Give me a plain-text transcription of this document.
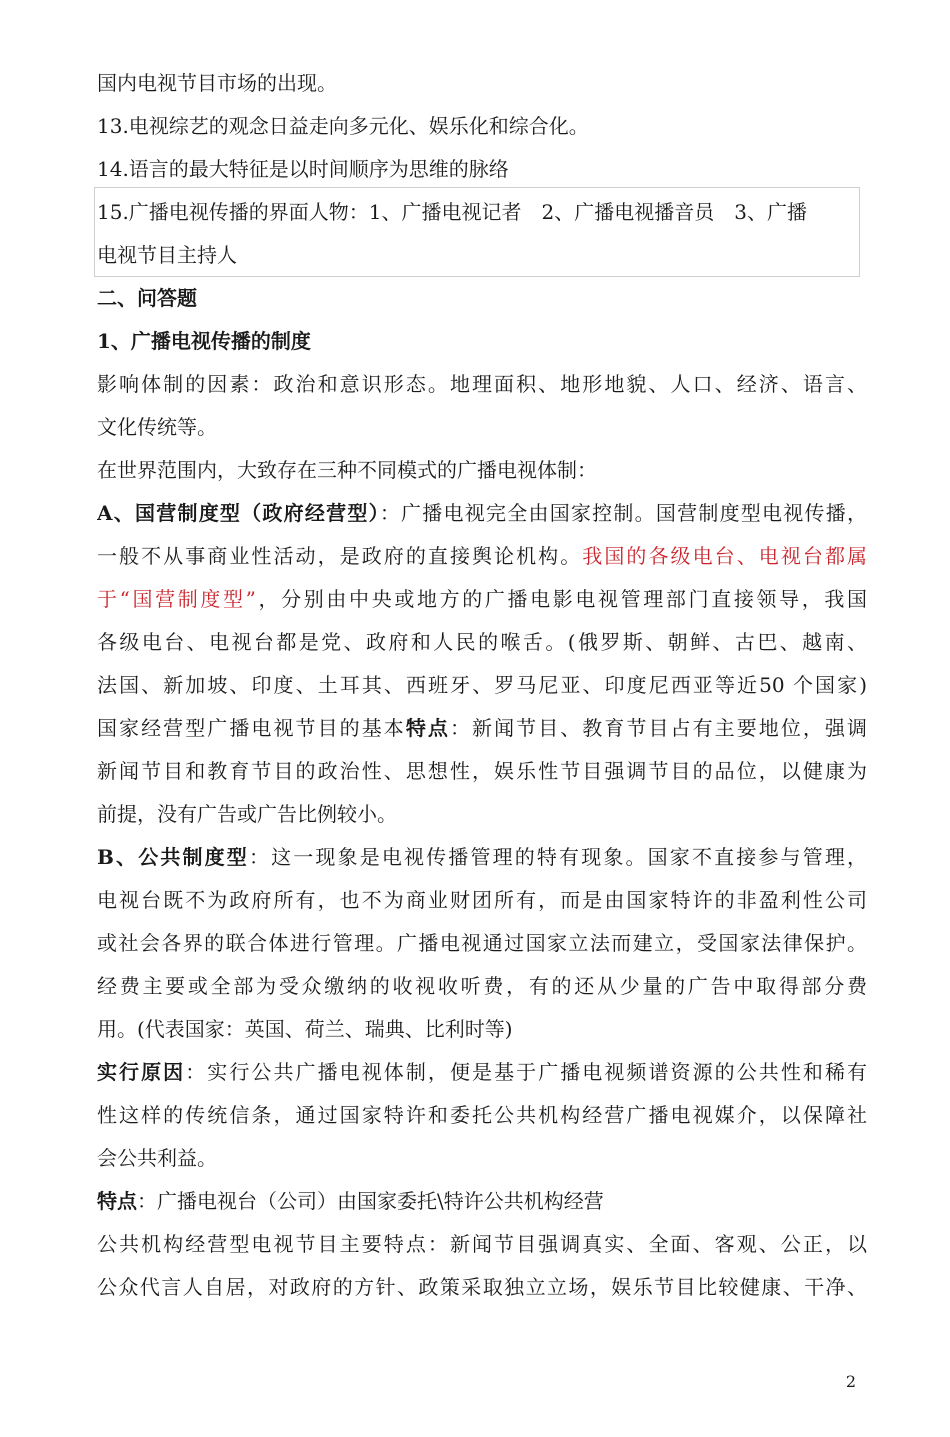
国内电视节目市场的出现。
13.电视综艺的观念日益走向多元化、娱乐化和综合化。
14.语言的最大特征是以时间顺序为思维的脉络
15.广播电视传播的界面人物：1、广播电视记者　2、广播电视播音员　3、广播
电视节目主持人
二、问答题
1、广播电视传播的制度
影响体制的因素：政治和意识形态。地理面积、地形地貌、人口、经济、语言、
文化传统等。
在世界范围内，大致存在三种不同模式的广播电视体制：
A、国营制度型（政府经营型）：广播电视完全由国家控制。国营制度型电视传播，
一般不从事商业性活动，是政府的直接舆论机构。我国的各级电台、电视台都属
于“国营制度型”，分别由中央或地方的广播电影电视管理部门直接领导，我国
各级电台、电视台都是党、政府和人民的喉舌。(俄罗斯、朝鲜、古巴、越南、
法国、新加坡、印度、土耳其、西班牙、罗马尼亚、印度尼西亚等近50 个国家)
国家经营型广播电视节目的基本特点：新闻节目、教育节目占有主要地位，强调
新闻节目和教育节目的政治性、思想性，娱乐性节目强调节目的品位，以健康为
前提，没有广告或广告比例较小。
B、公共制度型：这一现象是电视传播管理的特有现象。国家不直接参与管理，
电视台既不为政府所有，也不为商业财团所有，而是由国家特许的非盈利性公司
或社会各界的联合体进行管理。广播电视通过国家立法而建立，受国家法律保护。
经费主要或全部为受众缴纳的收视收听费，有的还从少量的广告中取得部分费
用。(代表国家：英国、荷兰、瑞典、比利时等)
实行原因：实行公共广播电视体制，便是基于广播电视频谱资源的公共性和稀有
性这样的传统信条，通过国家特许和委托公共机构经营广播电视媒介，以保障社
会公共利益。
特点：广播电视台（公司）由国家委托\特许公共机构经营
公共机构经营型电视节目主要特点：新闻节目强调真实、全面、客观、公正，以
公众代言人自居，对政府的方针、政策采取独立立场，娱乐节目比较健康、干净、
2
